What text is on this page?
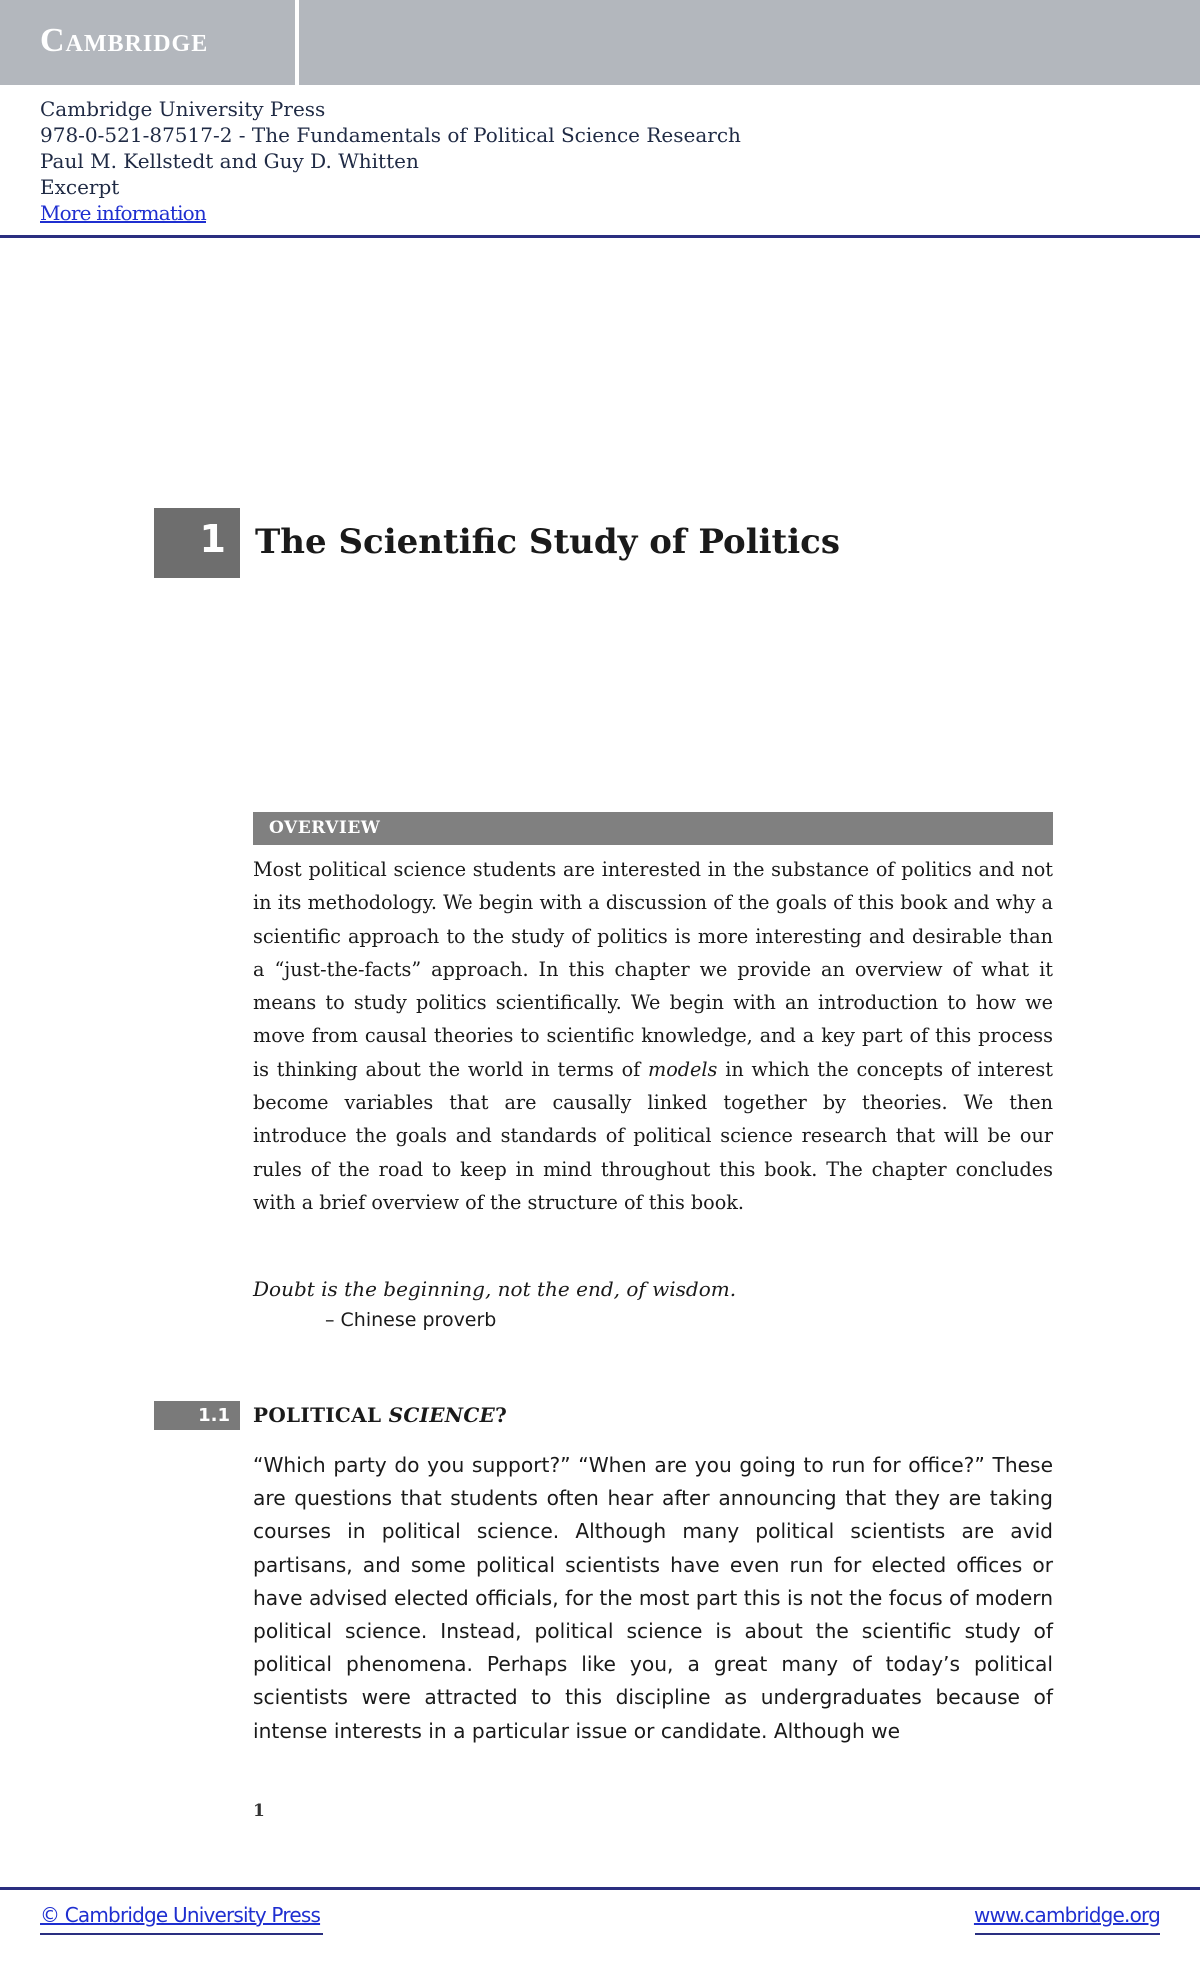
Cambridge
Cambridge University Press
978-0-521-87517-2 - The Fundamentals of Political Science Research
Paul M. Kellstedt and Guy D. Whitten
Excerpt
More information
1 The Scientific Study of Politics
OVERVIEW
Most political science students are interested in the substance of politics and not in its methodology. We begin with a discussion of the goals of this book and why a scientific approach to the study of politics is more interesting and desirable than a “just-the-facts” approach. In this chapter we provide an overview of what it means to study politics scientifically. We begin with an introduction to how we move from causal theories to scientific knowledge, and a key part of this process is thinking about the world in terms of models in which the concepts of interest become variables that are causally linked together by theories. We then introduce the goals and standards of political science research that will be our rules of the road to keep in mind throughout this book. The chapter concludes with a brief overview of the structure of this book.
Doubt is the beginning, not the end, of wisdom.
– Chinese proverb
1.1 POLITICAL SCIENCE?
“Which party do you support?” “When are you going to run for office?” These are questions that students often hear after announcing that they are taking courses in political science. Although many political scientists are avid partisans, and some political scientists have even run for elected offices or have advised elected officials, for the most part this is not the focus of modern political science. Instead, political science is about the scientific study of political phenomena. Perhaps like you, a great many of today’s political scientists were attracted to this discipline as undergraduates because of intense interests in a particular issue or candidate. Although we
1
© Cambridge University Press	www.cambridge.org
